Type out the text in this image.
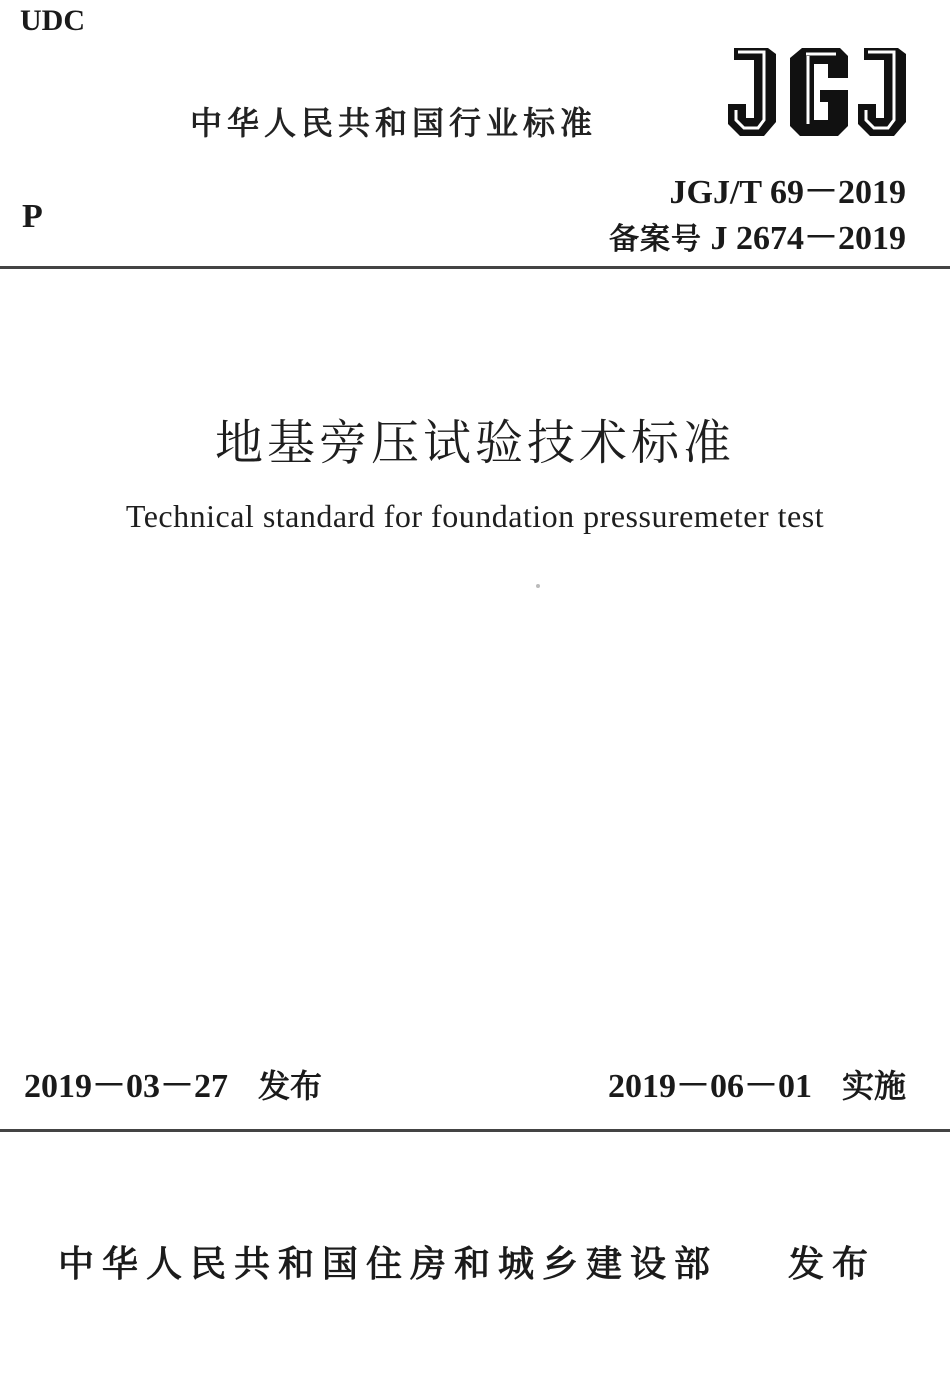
UDC
中华人民共和国行业标准
JGJ/T 69－2019
P
备案号 J 2674－2019
地基旁压试验技术标准
Technical standard for foundation pressuremeter test
2019－03－27 发布	2019－06－01 实施
中华人民共和国住房和城乡建设部 发布
